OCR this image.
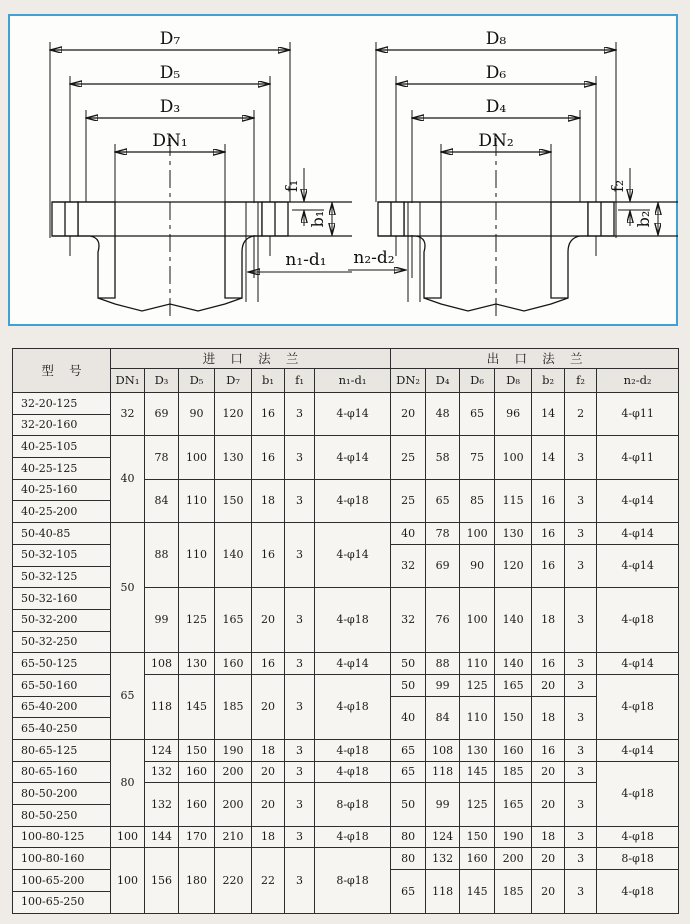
D₇
D₅
D₃
DN₁
f₁
b₁
n₁-d₁
D₈
D₆
D₄
DN₂
f₂
b₂
n₂-d₂
型 号	进 口 法 兰							出 口 法 兰						
	DN₁	D₃	D₅	D₇	b₁	f₁	n₁-d₁	DN₂	D₄	D₆	D₈	b₂	f₂	n₂-d₂
32-20-125	32	69	90	120	16	3	4-φ14	20	48	65	96	14	2	4-φ11
32-20-160														
40-25-105	40	78	100	130	16	3	4-φ14	25	58	75	100	14	3	4-φ11
40-25-125														
40-25-160		84	110	150	18	3	4-φ18	25	65	85	115	16	3	4-φ14
40-25-200														
50-40-85	50	88	110	140	16	3	4-φ14	40	78	100	130	16	3	4-φ14
50-32-105								32	69	90	120	16	3	4-φ14
50-32-125														
50-32-160		99	125	165	20	3	4-φ18	32	76	100	140	18	3	4-φ18
50-32-200														
50-32-250														
65-50-125	65	108	130	160	16	3	4-φ14	50	88	110	140	16	3	4-φ14
65-50-160		118	145	185	20	3	4-φ18	50	99	125	165	20	3	4-φ18
65-40-200								40	84	110	150	18	3	
65-40-250														
80-65-125	80	124	150	190	18	3	4-φ18	65	108	130	160	16	3	4-φ14
80-65-160		132	160	200	20	3	4-φ18	65	118	145	185	20	3	4-φ18
80-50-200		132	160	200	20	3	8-φ18	50	99	125	165	20	3	
80-50-250														
100-80-125	100	144	170	210	18	3	4-φ18	80	124	150	190	18	3	4-φ18
100-80-160	100	156	180	220	22	3	8-φ18	80	132	160	200	20	3	8-φ18
100-65-200								65	118	145	185	20	3	4-φ18
100-65-250														
